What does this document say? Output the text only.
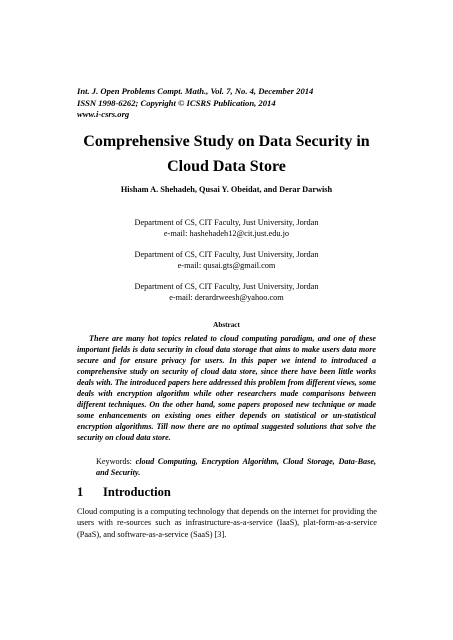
Int. J. Open Problems Compt. Math., Vol. 7, No. 4, December 2014
ISSN 1998-6262; Copyright © ICSRS Publication, 2014
www.i-csrs.org
Comprehensive Study on Data Security in
Cloud Data Store
Hisham A. Shehadeh, Qusai Y. Obeidat, and Derar Darwish
Department of CS, CIT Faculty, Just University, Jordan
e-mail: hashehadeh12@cit.just.edu.jo
Department of CS, CIT Faculty, Just University, Jordan
e-mail: qusai.gts@gmail.com
Department of CS, CIT Faculty, Just University, Jordan
e-mail: derardrweesh@yahoo.com
Abstract
There are many hot topics related to cloud computing paradigm, and one of these important fields is data security in cloud data storage that aims to make users data more secure and for ensure privacy for users. In this paper we intend to introduced a comprehensive study on security of cloud data store, since there have been little works deals with. The introduced papers here addressed this problem from different views, some deals with encryption algorithm while other researchers made comparisons between different techniques. On the other hand, some papers proposed new technique or made some enhancements on existing ones either depends on statistical or un-statistical encryption algorithms. Till now there are no optimal suggested solutions that solve the security on cloud data store.
Keywords: cloud Computing, Encryption Algorithm, Cloud Storage, Data-Base, and Security.
1 Introduction
Cloud computing is a computing technology that depends on the internet for providing the users with re-sources such as infrastructure-as-a-service (IaaS), plat-form-as-a-service (PaaS), and software-as-a-service (SaaS) [3].
